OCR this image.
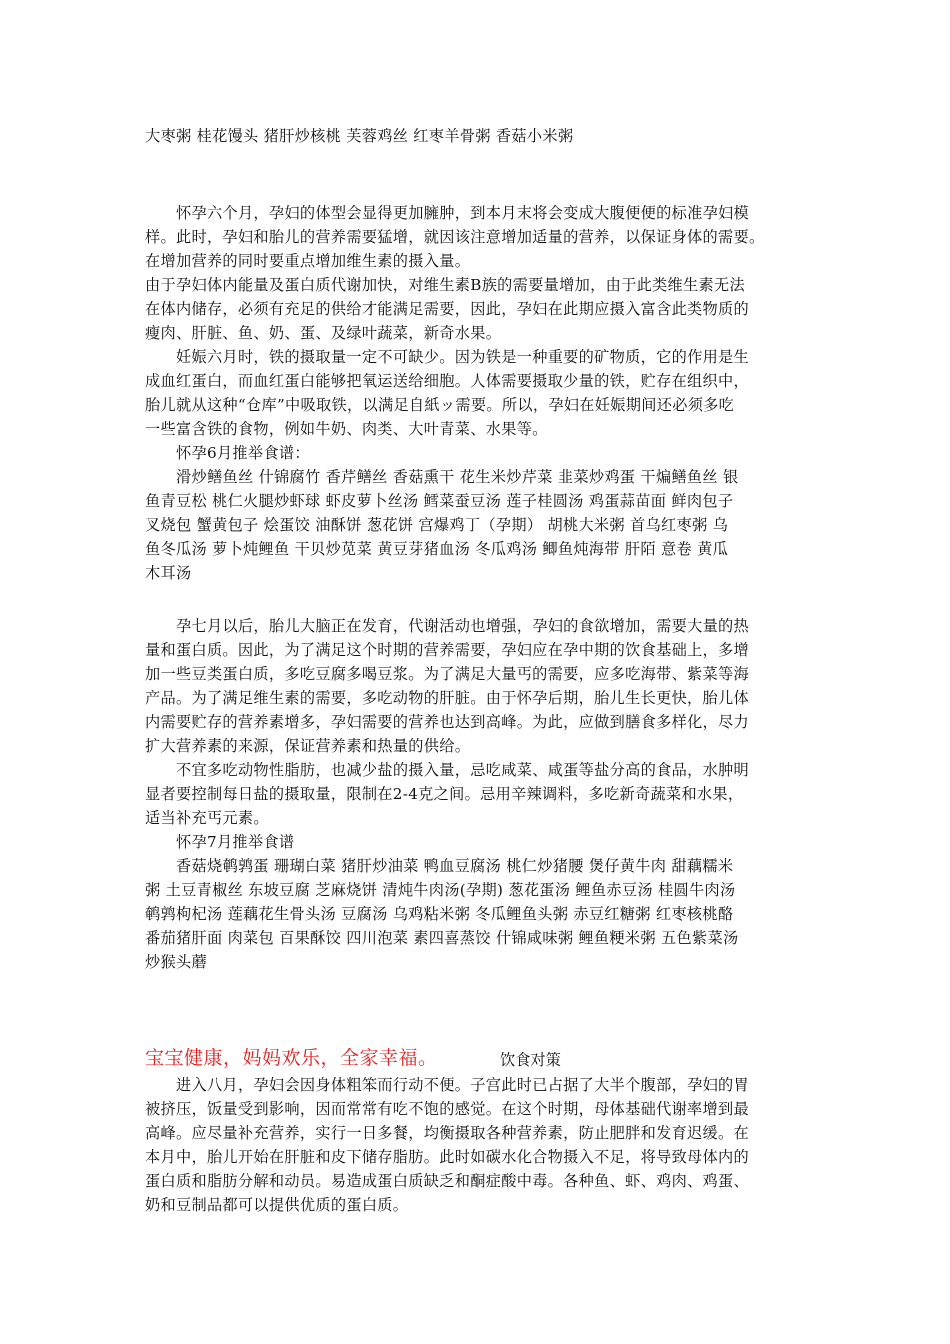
大枣粥 桂花馒头 猪肝炒核桃 芙蓉鸡丝 红枣羊骨粥 香菇小米粥
怀孕六个月，孕妇的体型会显得更加臃肿，到本月末将会变成大腹便便的标准孕妇模
样。此时，孕妇和胎儿的营养需要猛增，就因该注意增加适量的营养，以保证身体的需要。
在增加营养的同时要重点增加维生素的摄入量。
由于孕妇体内能量及蛋白质代谢加快，对维生素B族的需要量增加，由于此类维生素无法
在体内储存，必须有充足的供给才能满足需要，因此，孕妇在此期应摄入富含此类物质的
瘦肉、肝脏、鱼、奶、蛋、及绿叶蔬菜，新奇水果。
妊娠六月时，铁的摄取量一定不可缺少。因为铁是一种重要的矿物质，它的作用是生
成血红蛋白，而血红蛋白能够把氧运送给细胞。人体需要摄取少量的铁，贮存在组织中，
胎儿就从这种“仓库”中吸取铁，以满足自紙ッ需要。所以，孕妇在妊娠期间还必须多吃
一些富含铁的食物，例如牛奶、肉类、大叶青菜、水果等。
怀孕6月推举食谱：
滑炒鳝鱼丝 什锦腐竹 香芹鳝丝 香菇熏干 花生米炒芹菜 韭菜炒鸡蛋 干煸鳝鱼丝 银
鱼青豆松 桃仁火腿炒虾球 虾皮萝卜丝汤 鳕菜蚕豆汤 莲子桂圆汤 鸡蛋蒜苗面 鲜肉包子
叉烧包 蟹黄包子 烩蛋饺 油酥饼 葱花饼 宫爆鸡丁（孕期） 胡桃大米粥 首乌红枣粥 乌
鱼冬瓜汤 萝卜炖鲤鱼 干贝炒苋菜 黄豆芽猪血汤 冬瓜鸡汤 鲫鱼炖海带 肝陌 意卷 黄瓜
木耳汤
孕七月以后，胎儿大脑正在发育，代谢活动也增强，孕妇的食欲增加，需要大量的热
量和蛋白质。因此，为了满足这个时期的营养需要，孕妇应在孕中期的饮食基础上，多增
加一些豆类蛋白质，多吃豆腐多喝豆浆。为了满足大量丐的需要，应多吃海带、紫菜等海
产品。为了满足维生素的需要，多吃动物的肝脏。由于怀孕后期，胎儿生长更快，胎儿体
内需要贮存的营养素增多，孕妇需要的营养也达到高峰。为此，应做到膳食多样化，尽力
扩大营养素的来源，保证营养素和热量的供给。
不宜多吃动物性脂肪，也减少盐的摄入量，忌吃咸菜、咸蛋等盐分高的食品，水肿明
显者要控制每日盐的摄取量，限制在2-4克之间。忌用辛辣调料，多吃新奇蔬菜和水果，
适当补充丐元素。
怀孕7月推举食谱
香菇烧鹌鹑蛋 珊瑚白菜 猪肝炒油菜 鸭血豆腐汤 桃仁炒猪腰 煲仔黄牛肉 甜藕糯米
粥 土豆青椒丝 东坡豆腐 芝麻烧饼 清炖牛肉汤(孕期) 葱花蛋汤 鲤鱼赤豆汤 桂圆牛肉汤
鹌鹑枸杞汤 莲藕花生骨头汤 豆腐汤 乌鸡粘米粥 冬瓜鲤鱼头粥 赤豆红糖粥 红枣核桃酪
番茄猪肝面 肉菜包 百果酥饺 四川泡菜 素四喜蒸饺 什锦咸味粥 鲤鱼粳米粥 五色紫菜汤
炒猴头蘑
宝宝健康，妈妈欢乐，全家幸福。	饮食对策
进入八月，孕妇会因身体粗笨而行动不便。子宫此时已占据了大半个腹部，孕妇的胃
被挤压，饭量受到影响，因而常常有吃不饱的感觉。在这个时期，母体基础代谢率增到最
高峰。应尽量补充营养，实行一日多餐，均衡摄取各种营养素，防止肥胖和发育迟缓。在
本月中，胎儿开始在肝脏和皮下储存脂肪。此时如碳水化合物摄入不足，将导致母体内的
蛋白质和脂肪分解和动员。易造成蛋白质缺乏和酮症酸中毒。各种鱼、虾、鸡肉、鸡蛋、
奶和豆制品都可以提供优质的蛋白质。
